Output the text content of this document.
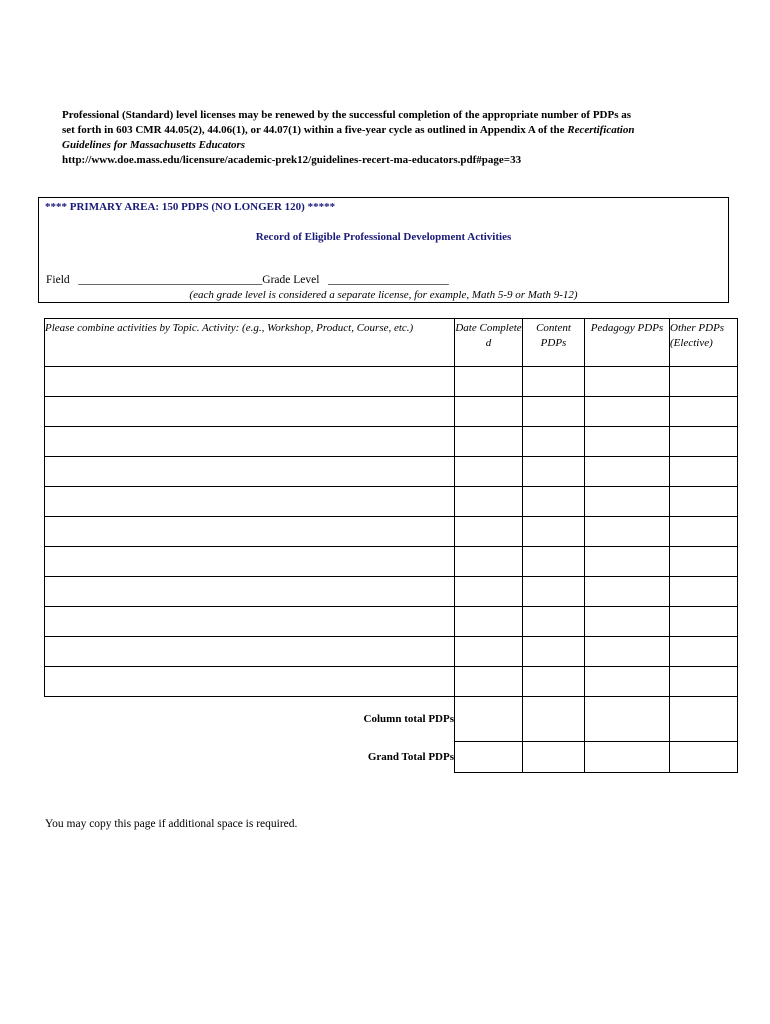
Professional (Standard) level licenses may be renewed by the successful completion of the appropriate number of PDPs as
set forth in 603 CMR 44.05(2), 44.06(1), or 44.07(1) within a five-year cycle as outlined in Appendix A of the Recertification
Guidelines for Massachusetts Educators
http://www.doe.mass.edu/licensure/academic-prek12/guidelines-recert-ma-educators.pdf#page=33
**** PRIMARY AREA: 150 PDPS (NO LONGER 120) *****
Record of Eligible Professional Development Activities
Field ________________________________Grade Level _____________________
(each grade level is considered a separate license, for example, Math 5-9 or Math 9-12)
Please combine activities by Topic. Activity: (e.g., Workshop, Product, Course, etc.)	Date Complete d	Content PDPs	Pedagogy PDPs	Other PDPs (Elective)

Column total PDPs				
Grand Total PDPs				
You may copy this page if additional space is required.
